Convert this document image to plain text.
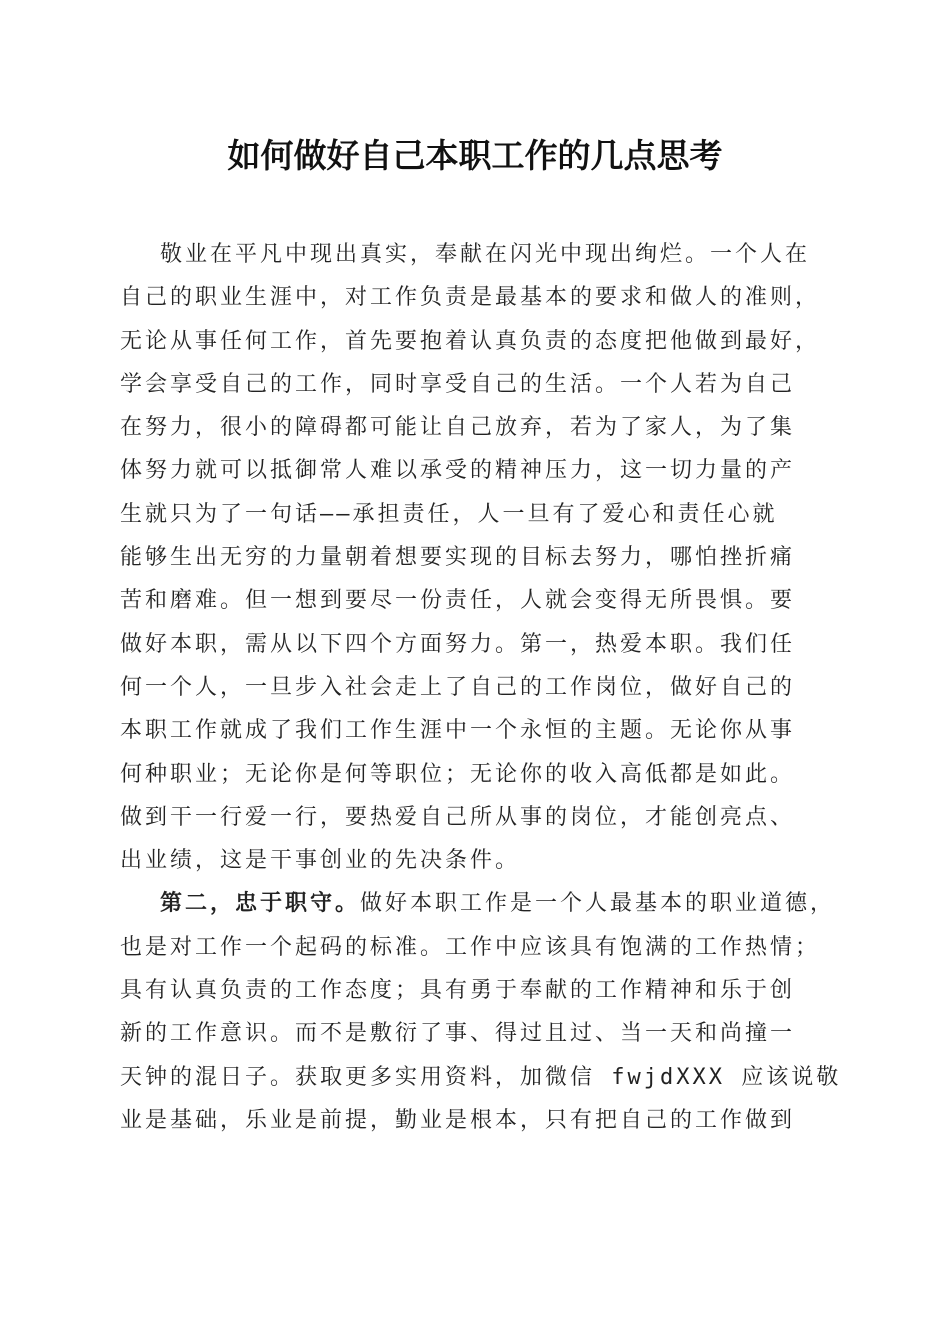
如何做好自己本职工作的几点思考
敬业在平凡中现出真实，奉献在闪光中现出绚烂。一个人在
自己的职业生涯中，对工作负责是最基本的要求和做人的准则，
无论从事任何工作，首先要抱着认真负责的态度把他做到最好，
学会享受自己的工作，同时享受自己的生活。一个人若为自己
在努力，很小的障碍都可能让自己放弃，若为了家人，为了集
体努力就可以抵御常人难以承受的精神压力，这一切力量的产
生就只为了一句话——承担责任，人一旦有了爱心和责任心就
能够生出无穷的力量朝着想要实现的目标去努力，哪怕挫折痛
苦和磨难。但一想到要尽一份责任，人就会变得无所畏惧。要
做好本职，需从以下四个方面努力。第一，热爱本职。我们任
何一个人，一旦步入社会走上了自己的工作岗位，做好自己的
本职工作就成了我们工作生涯中一个永恒的主题。无论你从事
何种职业；无论你是何等职位；无论你的收入高低都是如此。
做到干一行爱一行，要热爱自己所从事的岗位，才能创亮点、
出业绩，这是干事创业的先决条件。
第二，忠于职守。做好本职工作是一个人最基本的职业道德，
也是对工作一个起码的标准。工作中应该具有饱满的工作热情；
具有认真负责的工作态度；具有勇于奉献的工作精神和乐于创
新的工作意识。而不是敷衍了事、得过且过、当一天和尚撞一
天钟的混日子。获取更多实用资料，加微信 fwjdXXX 应该说敬
业是基础，乐业是前提，勤业是根本，只有把自己的工作做到
